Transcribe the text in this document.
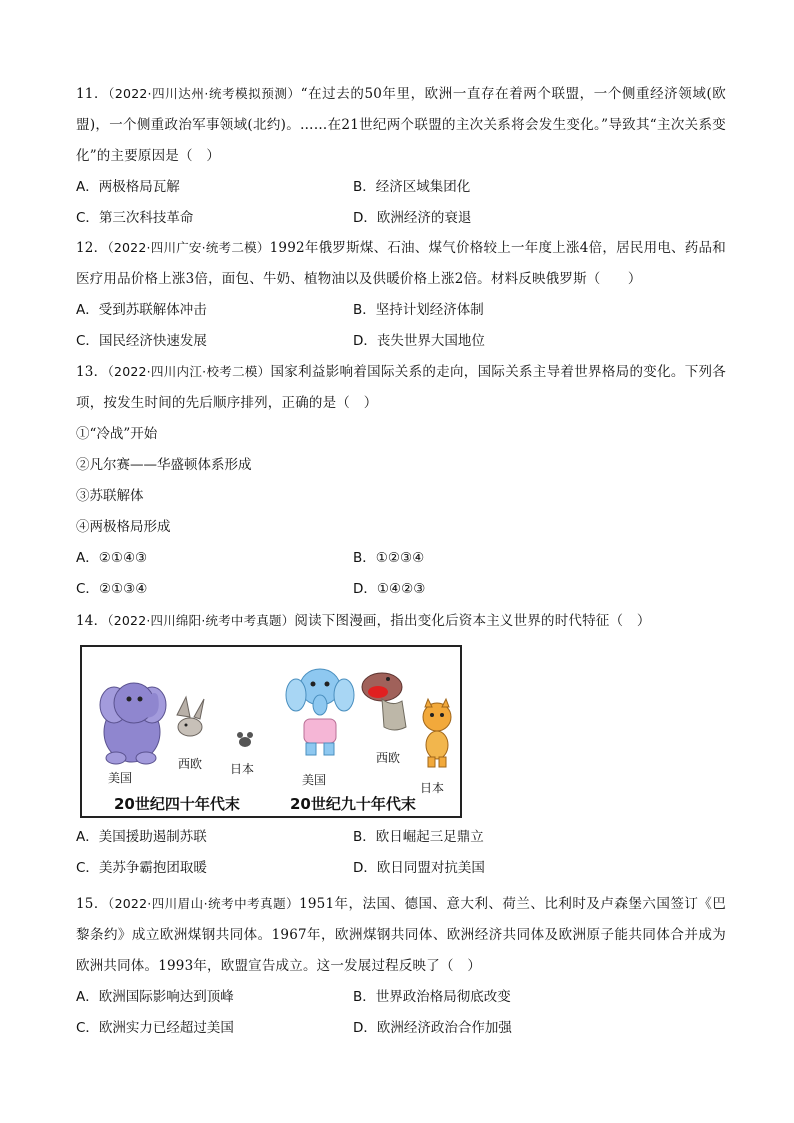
11．（2022·四川达州·统考模拟预测）“在过去的50年里，欧洲一直存在着两个联盟，一个侧重经济领域(欧盟)，一个侧重政治军事领域(北约)。……在21世纪两个联盟的主次关系将会发生变化。”导致其“主次关系变化”的主要原因是（　）

A．两极格局瓦解	B．经济区域集团化
C．第三次科技革命	D．欧洲经济的衰退

12．（2022·四川广安·统考二模）1992年俄罗斯煤、石油、煤气价格较上一年度上涨4倍，居民用电、药品和医疗用品价格上涨3倍，面包、牛奶、植物油以及供暖价格上涨2倍。材料反映俄罗斯（　　）

A．受到苏联解体冲击	B．坚持计划经济体制
C．国民经济快速发展	D．丧失世界大国地位

13．（2022·四川内江·校考二模）国家利益影响着国际关系的走向，国际关系主导着世界格局的变化。下列各项，按发生时间的先后顺序排列，正确的是（　）

①“冷战”开始

②凡尔赛——华盛顿体系形成

③苏联解体

④两极格局形成

A．②①④③	B．①②③④
C．②①③④	D．①④②③

14．（2022·四川绵阳·统考中考真题）阅读下图漫画，指出变化后资本主义世界的时代特征（　）

美国
西欧 日本
20世纪四十年代末
美国
西欧
日本
20世纪九十年代末
A．美国援助遏制苏联	B．欧日崛起三足鼎立
C．美苏争霸抱团取暖	D．欧日同盟对抗美国

15．（2022·四川眉山·统考中考真题）1951年，法国、德国、意大利、荷兰、比利时及卢森堡六国签订《巴黎条约》成立欧洲煤钢共同体。1967年，欧洲煤钢共同体、欧洲经济共同体及欧洲原子能共同体合并成为欧洲共同体。1993年，欧盟宣告成立。这一发展过程反映了（　）

A．欧洲国际影响达到顶峰	B．世界政治格局彻底改变
C．欧洲实力已经超过美国	D．欧洲经济政治合作加强
